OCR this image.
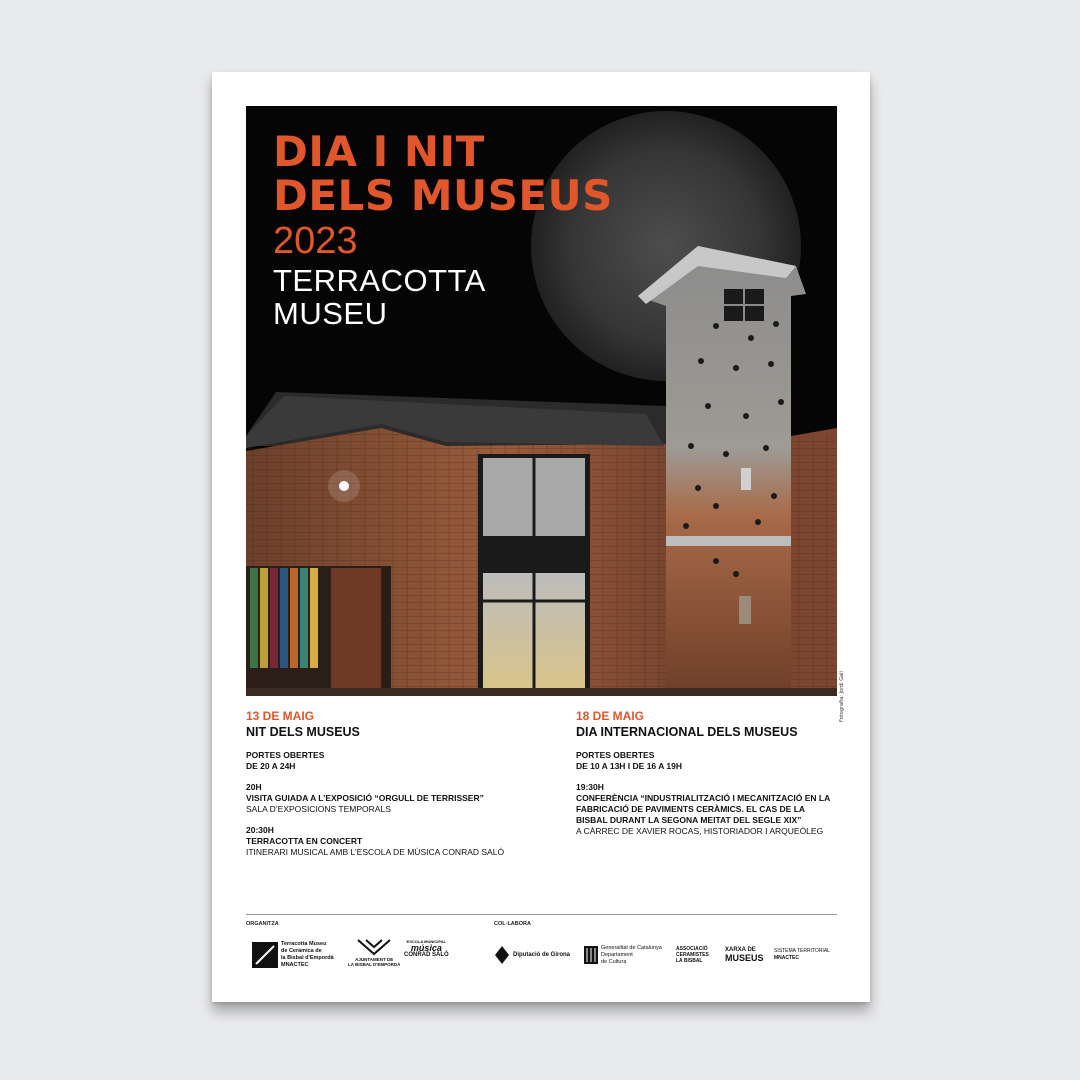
DIA I NIT
DELS MUSEUS
2023
TERRACOTTA
MUSEU
Fotografia: Jordi Gali
13 DE MAIG
NIT DELS MUSEUS
PORTES OBERTES
DE 20 A 24H
20H
VISITA GUIADA A L’EXPOSICIÓ “ORGULL DE TERRISSER”
SALA D’EXPOSICIONS TEMPORALS
20:30H
TERRACOTTA EN CONCERT
ITINERARI MUSICAL AMB L’ESCOLA DE MÚSICA CONRAD SALÓ
18 DE MAIG
DIA INTERNACIONAL DELS MUSEUS
PORTES OBERTES
DE 10 A 13H I DE 16 A 19H
19:30H
CONFERÈNCIA “INDUSTRIALITZACIÓ I MECANITZACIÓ EN LA
FABRICACIÓ DE PAVIMENTS CERÀMICS. EL CAS DE LA
BISBAL DURANT LA SEGONA MEITAT DEL SEGLE XIX”
A CÀRREC DE XAVIER ROCAS, HISTORIADOR I ARQUEÒLEG
ORGANITZA	COL·LABORA
Terracotta Museu
de Ceràmica de
la Bisbal d'Empordà
MNACTEC
AJUNTAMENT DE
LA BISBAL D'EMPORDÀ
ESCOLA MUNICIPAL
música
CONRAD SALÓ	Diputació de Girona
Generalitat de Catalunya
Departament
de Cultura
ASSOCIACIÓ
CERAMISTES
LA BISBAL
XARXA DE
MUSEUS
SISTEMA TERRITORIAL
MNACTEC
